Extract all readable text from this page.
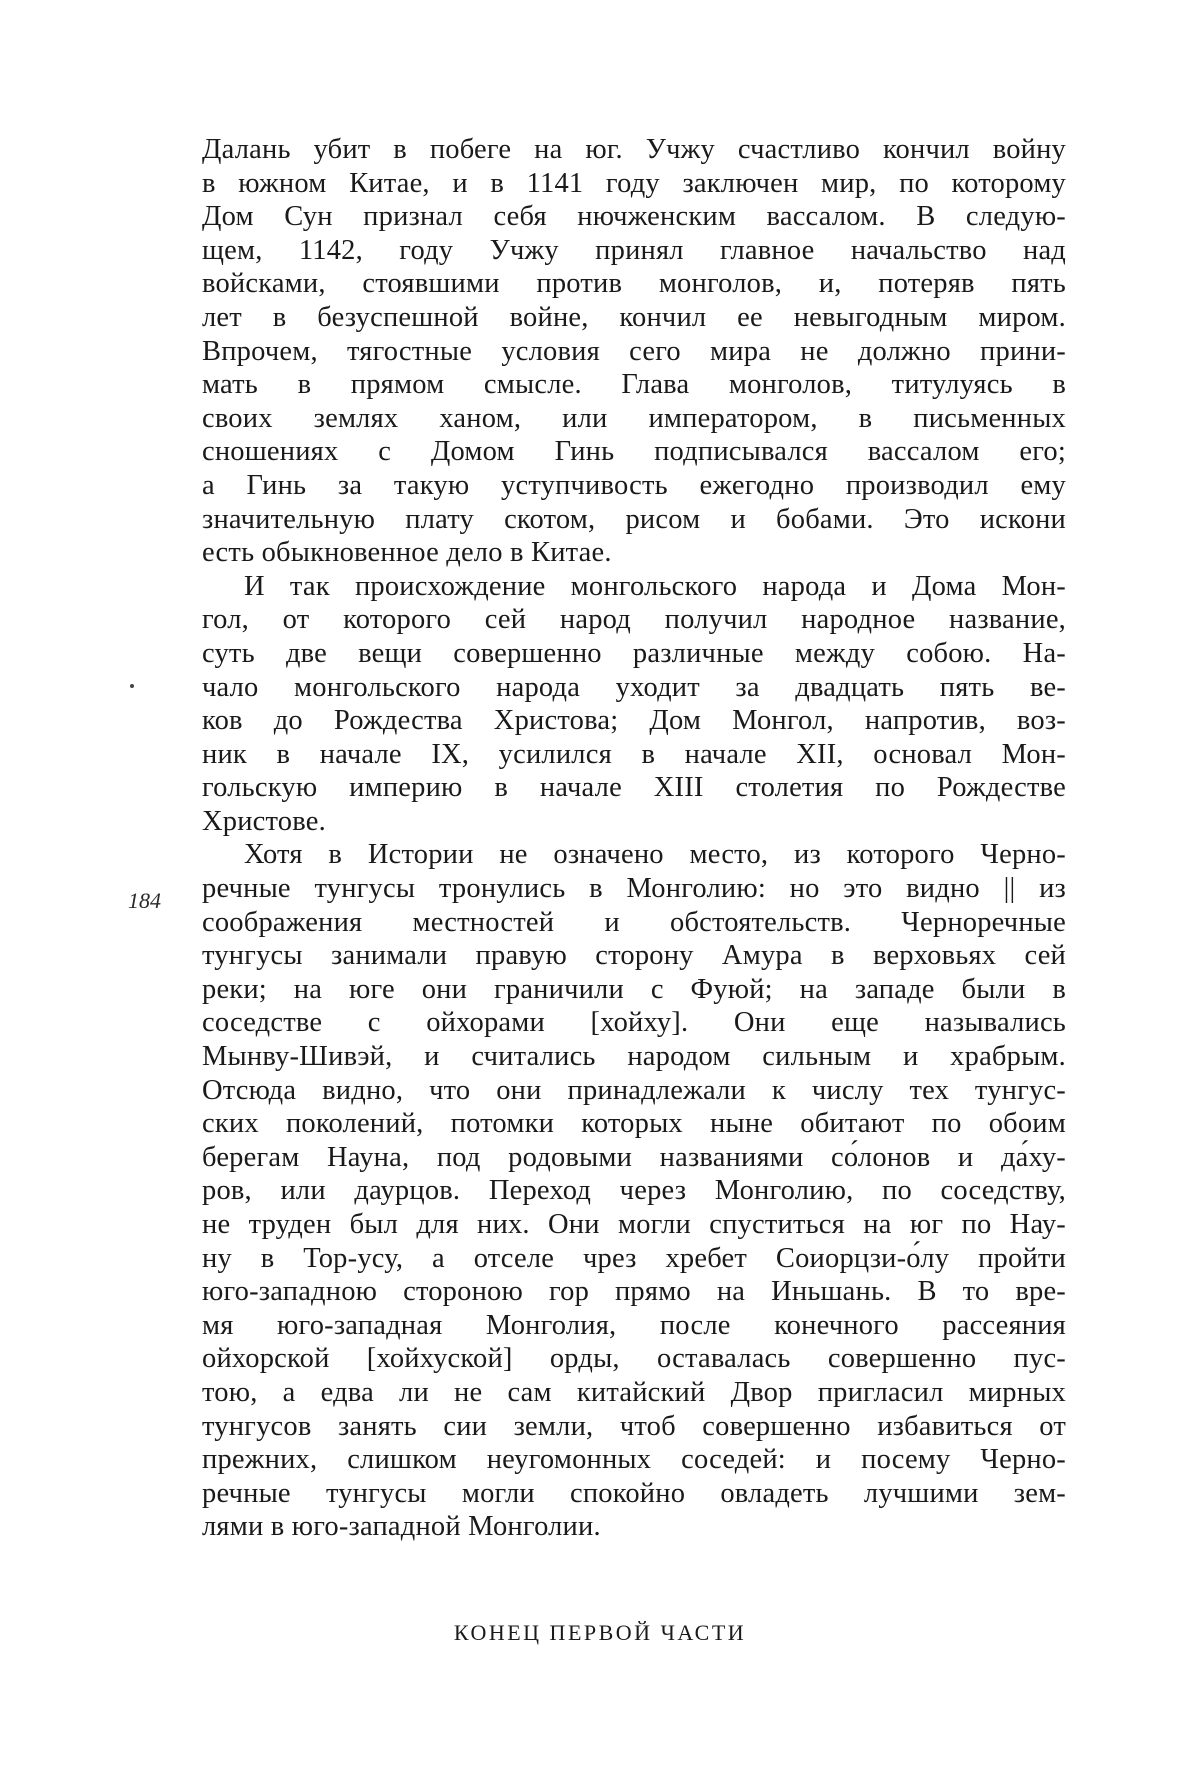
184
Далань убит в побеге на юг. Учжу счастливо кончил войну
в южном Китае, и в 1141 году заключен мир, по которому
Дом Сун признал себя нючженским вассалом. В следую-
щем, 1142, году Учжу принял главное начальство над
войсками, стоявшими против монголов, и, потеряв пять
лет в безуспешной войне, кончил ее невыгодным миром.
Впрочем, тягостные условия сего мира не должно прини-
мать в прямом смысле. Глава монголов, титулуясь в
своих землях ханом, или императором, в письменных
сношениях с Домом Гинь подписывался вассалом его;
а Гинь за такую уступчивость ежегодно производил ему
значительную плату скотом, рисом и бобами. Это искони
есть обыкновенное дело в Китае.
И так происхождение монгольского народа и Дома Мон-
гол, от которого сей народ получил народное название,
суть две вещи совершенно различные между собою. На-
чало монгольского народа уходит за двадцать пять ве-
ков до Рождества Христова; Дом Монгол, напротив, воз-
ник в начале IX, усилился в начале XII, основал Мон-
гольскую империю в начале XIII столетия по Рождестве
Христове.
Хотя в Истории не означено место, из которого Черно-
речные тунгусы тронулись в Монголию: но это видно || из
соображения местностей и обстоятельств. Черноречные
тунгусы занимали правую сторону Амура в верховьях сей
реки; на юге они граничили с Фуюй; на западе были в
соседстве с ойхорами [хойху]. Они еще назывались
Мынву-Шивэй, и считались народом сильным и храбрым.
Отсюда видно, что они принадлежали к числу тех тунгус-
ских поколений, потомки которых ныне обитают по обоим
берегам Науна, под родовыми названиями со́лонов и да́ху-
ров, или даурцов. Переход через Монголию, по соседству,
не труден был для них. Они могли спуститься на юг по Нау-
ну в Тор-усу, а отселе чрез хребет Соиорцзи-о́лу пройти
юго-западною стороною гор прямо на Иньшань. В то вре-
мя юго-западная Монголия, после конечного рассеяния
ойхорской [хойхуской] орды, оставалась совершенно пус-
тою, а едва ли не сам китайский Двор пригласил мирных
тунгусов занять сии земли, чтоб совершенно избавиться от
прежних, слишком неугомонных соседей: и посему Черно-
речные тунгусы могли спокойно овладеть лучшими зем-
лями в юго-западной Монголии.
КОНЕЦ ПЕРВОЙ ЧАСТИ
